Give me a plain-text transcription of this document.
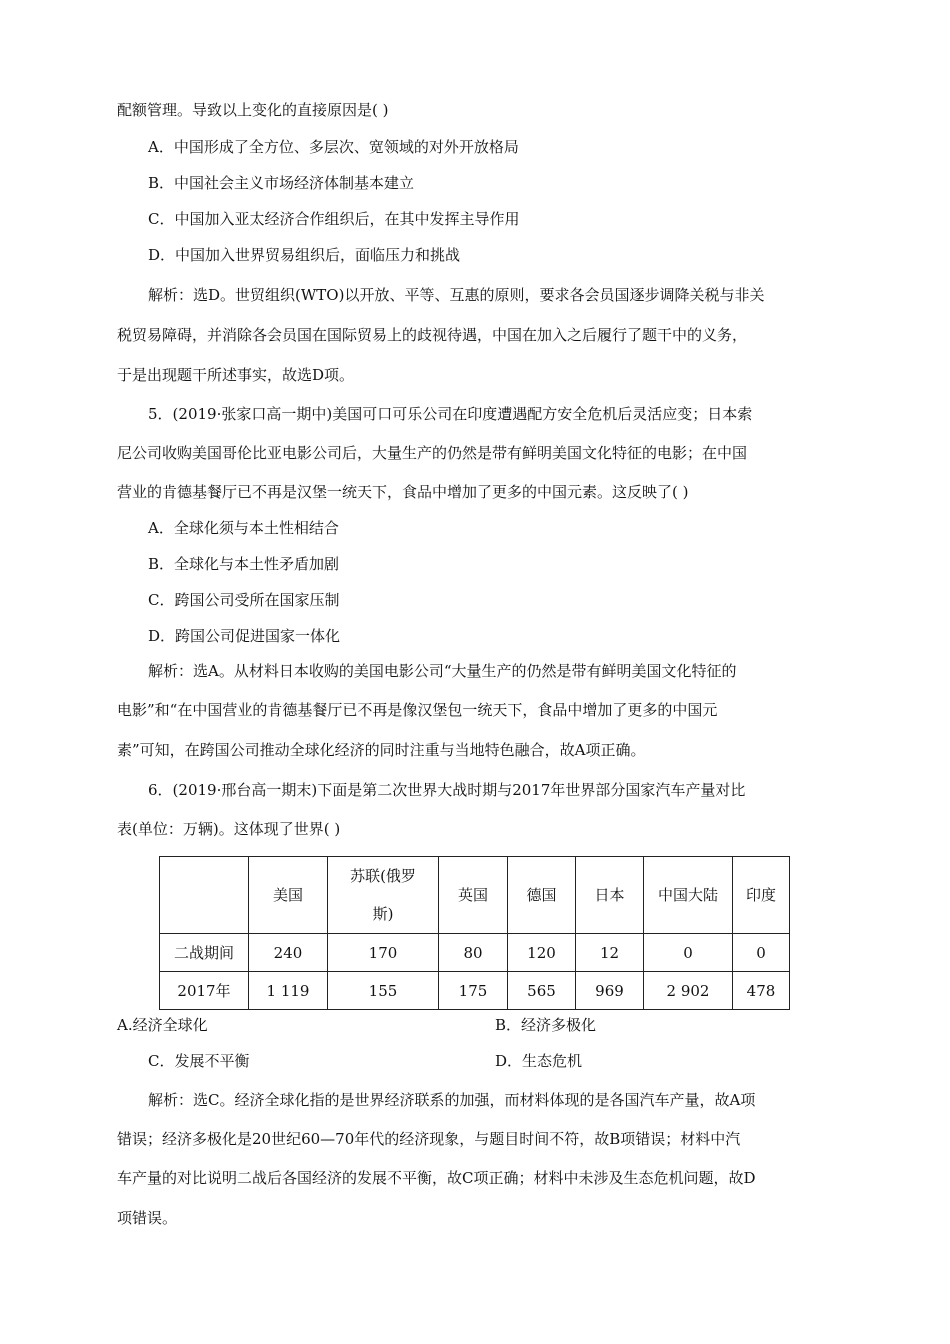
配额管理。导致以上变化的直接原因是( )
A．中国形成了全方位、多层次、宽领域的对外开放格局
B．中国社会主义市场经济体制基本建立
C．中国加入亚太经济合作组织后，在其中发挥主导作用
D．中国加入世界贸易组织后，面临压力和挑战
解析：选D。世贸组织(WTO)以开放、平等、互惠的原则，要求各会员国逐步调降关税与非关
税贸易障碍，并消除各会员国在国际贸易上的歧视待遇，中国在加入之后履行了题干中的义务，
于是出现题干所述事实，故选D项。
5．(2019·张家口高一期中)美国可口可乐公司在印度遭遇配方安全危机后灵活应变；日本索
尼公司收购美国哥伦比亚电影公司后，大量生产的仍然是带有鲜明美国文化特征的电影；在中国
营业的肯德基餐厅已不再是汉堡一统天下，食品中增加了更多的中国元素。这反映了( )
A．全球化须与本土性相结合
B．全球化与本土性矛盾加剧
C．跨国公司受所在国家压制
D．跨国公司促进国家一体化
解析：选A。从材料日本收购的美国电影公司“大量生产的仍然是带有鲜明美国文化特征的
电影”和“在中国营业的肯德基餐厅已不再是像汉堡包一统天下，食品中增加了更多的中国元
素”可知，在跨国公司推动全球化经济的同时注重与当地特色融合，故A项正确。
6．(2019·邢台高一期末)下面是第二次世界大战时期与2017年世界部分国家汽车产量对比
表(单位：万辆)。这体现了世界( )
	美国	苏联(俄罗
斯)	英国	德国	日本	中国大陆	印度
二战期间	240	170	80	120	12	0	0
2017年	1 119	155	175	565	969	2 902	478
A.经济全球化	B．经济多极化
C．发展不平衡	D．生态危机
解析：选C。经济全球化指的是世界经济联系的加强，而材料体现的是各国汽车产量，故A项
错误；经济多极化是20世纪60—70年代的经济现象，与题目时间不符，故B项错误；材料中汽
车产量的对比说明二战后各国经济的发展不平衡，故C项正确；材料中未涉及生态危机问题，故D
项错误。
